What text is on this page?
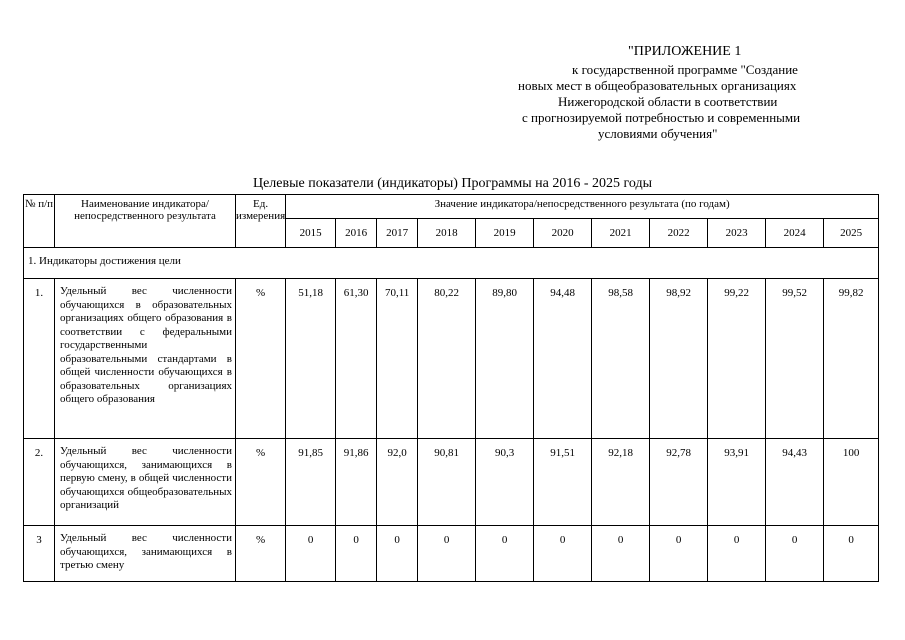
"ПРИЛОЖЕНИЕ 1
к государственной программе "Создание
новых мест в общеобразовательных организациях
Нижегородской области в соответствии
с прогнозируемой потребностью и современными
условиями обучения"
Целевые показатели (индикаторы) Программы на 2016 - 2025 годы
№ п/п	Наименование индикатора/непосредственного результата	Ед. измерения	Значение индикатора/непосредственного результата (по годам)										
			2015	2016	2017	2018	2019	2020	2021	2022	2023	2024	2025
1. Индикаторы достижения цели													
1.	Удельный вес численности обучающихся в образовательных организациях общего образования в соответствии с федеральными государственными образовательными стандартами в общей численности обучающихся в образовательных организациях общего образования	%	51,18	61,30	70,11	80,22	89,80	94,48	98,58	98,92	99,22	99,52	99,82
2.	Удельный вес численности обучающихся, занимающихся в первую смену, в общей численности обучающихся общеобразовательных организаций	%	91,85	91,86	92,0	90,81	90,3	91,51	92,18	92,78	93,91	94,43	100
3	Удельный вес численности обучающихся, занимающихся в третью смену	%	0	0	0	0	0	0	0	0	0	0	0
